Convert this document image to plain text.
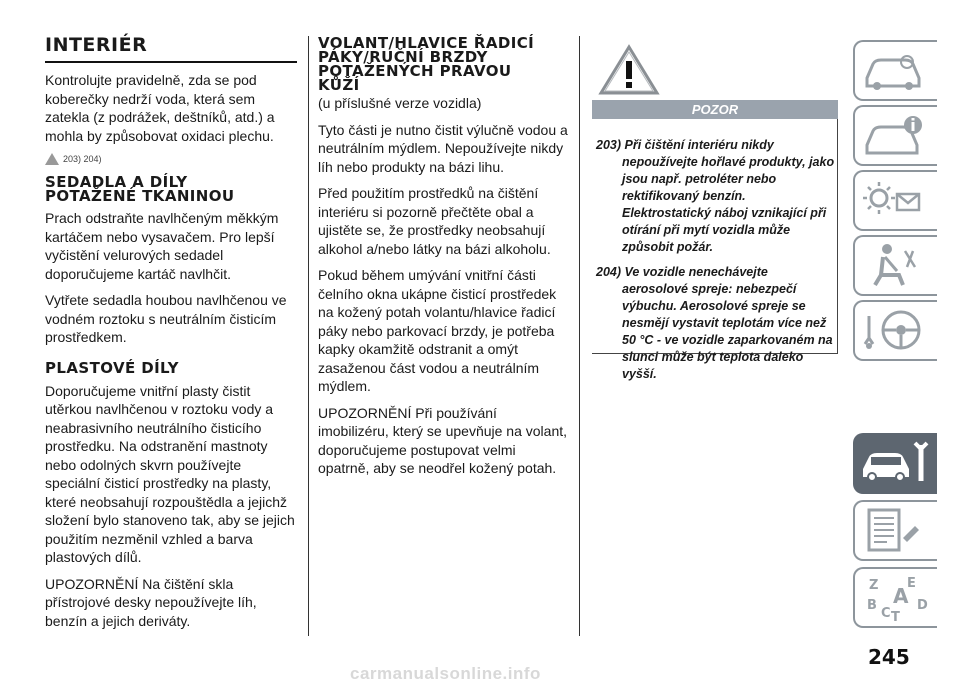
INTERIÉR

Kontrolujte pravidelně, zda se pod koberečky nedrží voda, která sem zatekla (z podrážek, deštníků, atd.) a mohla by způsobovat oxidaci plechu.

203) 204)
SEDADLA A DÍLY
POTAŽENÉ TKANINOU

Prach odstraňte navlhčeným měkkým kartáčem nebo vysavačem. Pro lepší vyčistění velurových sedadel doporučujeme kartáč navlhčit.

Vytřete sedadla houbou navlhčenou ve vodném roztoku s neutrálním čisticím prostředkem.

PLASTOVÉ DÍLY

Doporučujeme vnitřní plasty čistit utěrkou navlhčenou v roztoku vody a neabrasivního neutrálního čisticího prostředku. Na odstranění mastnoty nebo odolných skvrn používejte speciální čisticí prostředky na plasty, které neobsahují rozpouštědla a jejichž složení bylo stanoveno tak, aby se jejich použitím nezměnil vzhled a barva plastových dílů.

UPOZORNĚNÍ Na čištění skla přístrojové desky nepoužívejte líh, benzín a jejich deriváty.

VOLANT/HLAVICE ŘADICÍ
PÁKY/RUČNÍ BRZDY
POTAŽENÝCH PRAVOU
KŮŽÍ

(u příslušné verze vozidla)

Tyto části je nutno čistit výlučně vodou a neutrálním mýdlem. Nepoužívejte nikdy líh nebo produkty na bázi lihu.

Před použitím prostředků na čištění interiéru si pozorně přečtěte obal a ujistěte se, že prostředky neobsahují alkohol a/nebo látky na bázi alkoholu.

Pokud během umývání vnitřní části čelního okna ukápne čisticí prostředek na kožený potah volantu/hlavice řadicí páky nebo parkovací brzdy, je potřeba kapky okamžitě odstranit a omýt zasaženou část vodou a neutrálním mýdlem.

UPOZORNĚNÍ Při používání imobilizéru, který se upevňuje na volant, doporučujeme postupovat velmi opatrně, aby se neodřel kožený potah.

POZOR

203) Při čištění interiéru nikdy nepoužívejte hořlavé produkty, jako jsou např. petroléter nebo rektifikovaný benzín. Elektrostatický náboj vznikající při otírání při mytí vozidla může způsobit požár.

204) Ve vozidle nenechávejte aerosolové spreje: nebezpečí výbuchu. Aerosolové spreje se nesmějí vystavit teplotám více než 50 °C - ve vozidle zaparkovaném na slunci může být teplota daleko vyšší.

Z E
B A
C
D
T
245
carmanualsonline.info
